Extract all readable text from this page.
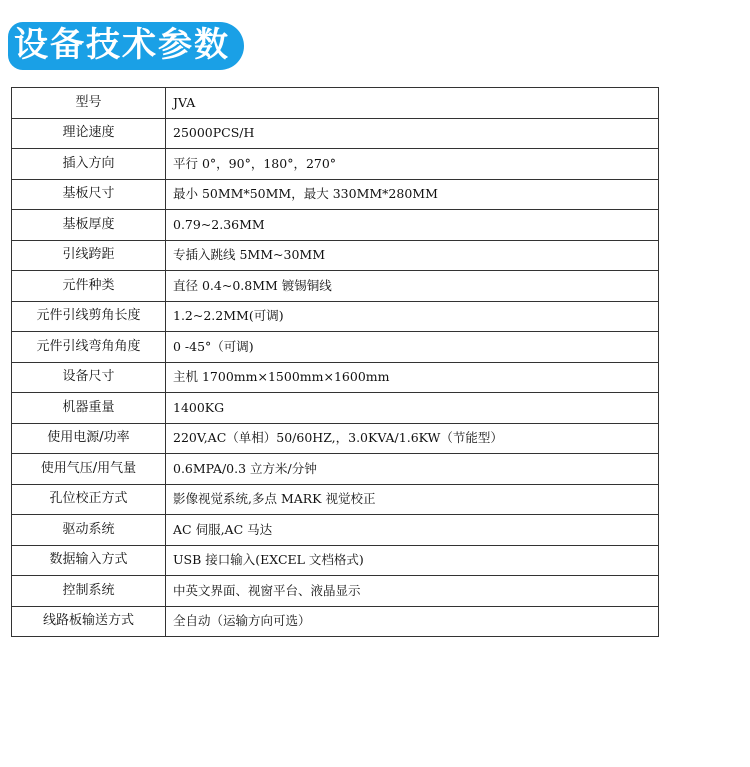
设备技术参数
型号	JVA
理论速度	25000PCS/H
插入方向	平行 0°，90°，180°，270°
基板尺寸	最小 50MM*50MM，最大 330MM*280MM
基板厚度	0.79~2.36MM
引线跨距	专插入跳线 5MM~30MM
元件种类	直径 0.4~0.8MM 镀锡铜线
元件引线剪角长度	1.2~2.2MM(可调)
元件引线弯角角度	0 -45°（可调)
设备尺寸	主机 1700mm×1500mm×1600mm
机器重量	1400KG
使用电源/功率	220V,AC（单相）50/60HZ,，3.0KVA/1.6KW（节能型）
使用气压/用气量	0.6MPA/0.3 立方米/分钟
孔位校正方式	影像视觉系统,多点 MARK 视觉校正
驱动系统	AC 伺服,AC 马达
数据输入方式	USB 接口输入(EXCEL 文档格式)
控制系统	中英文界面、视窗平台、液晶显示
线路板输送方式	全自动（运输方向可选）
